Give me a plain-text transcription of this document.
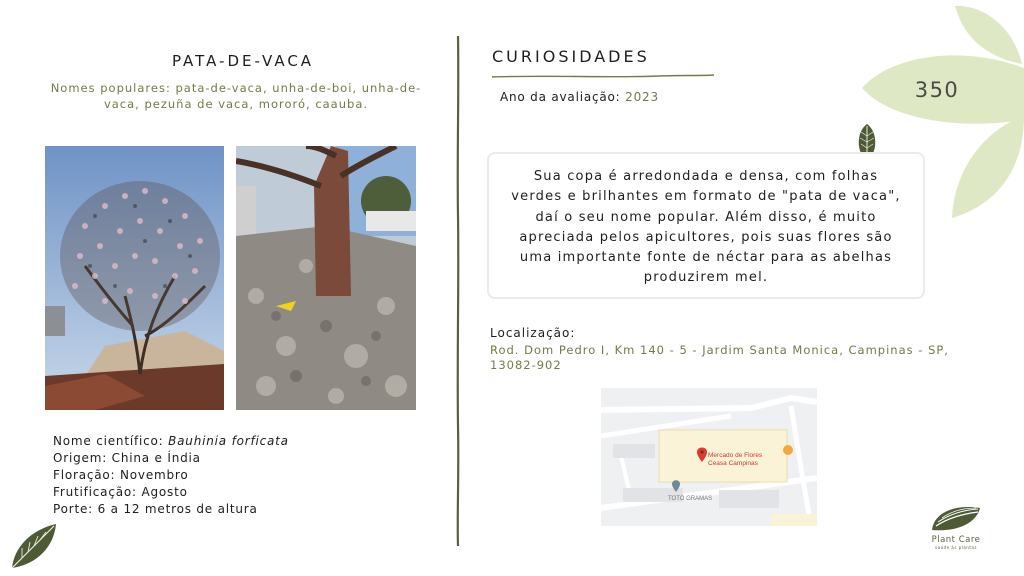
PATA-DE-VACA
Nomes populares: pata-de-vaca, unha-de-boi, unha-de-vaca, pezuña de vaca, mororó, caauba.
Nome científico: Bauhinia forficata
Origem: China e Índia
Floração: Novembro
Frutificação: Agosto
Porte: 6 a 12 metros de altura
CURIOSIDADES
Ano da avaliação: 2023	350
Sua copa é arredondada e densa, com folhas verdes e brilhantes em formato de "pata de vaca", daí o seu nome popular. Além disso, é muito apreciada pelos apicultores, pois suas flores são uma importante fonte de néctar para as abelhas produzirem mel.
Localização:
Rod. Dom Pedro I, Km 140 - 5 - Jardim Santa Monica, Campinas - SP, 13082-902
Mercado de Flores
Ceasa Campinas
TOTO GRAMAS
Plant Care
saúde às plantas
